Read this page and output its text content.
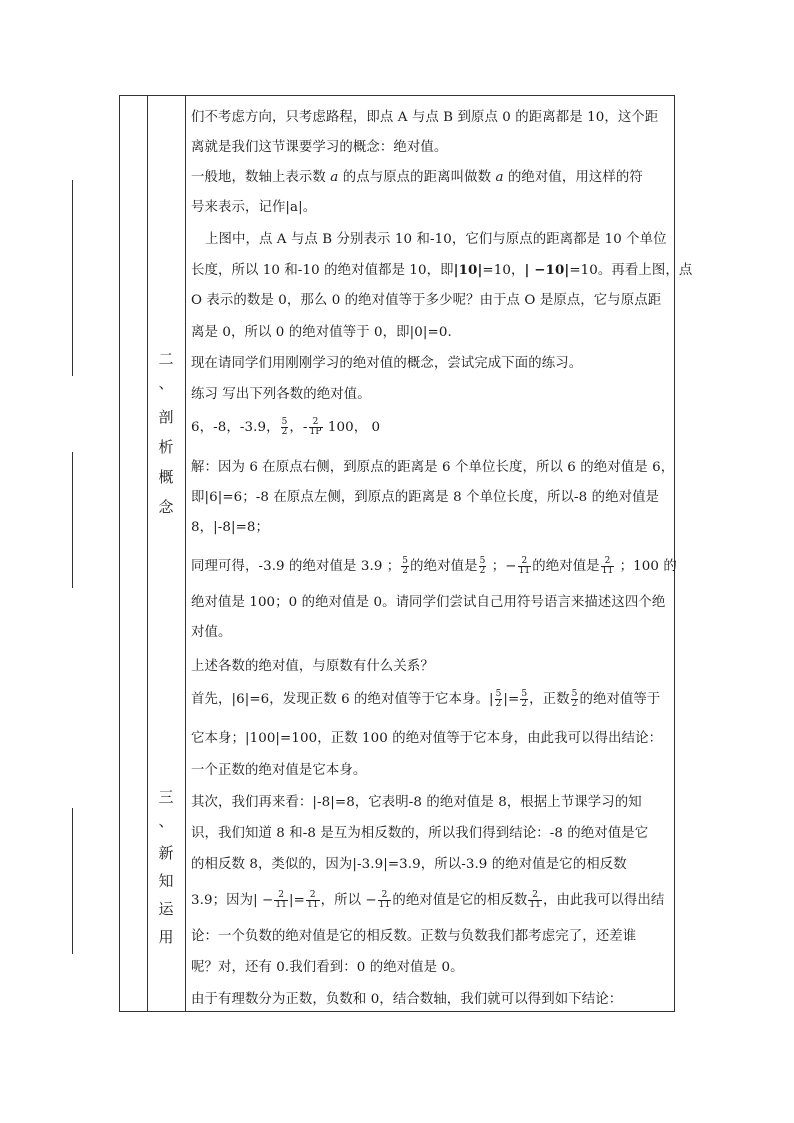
二
、
剖
析
概
念
三
、
新
知
运
用
们不考虑方向，只考虑路程，即点 A 与点 B 到原点 0 的距离都是 10，这个距
离就是我们这节课要学习的概念：绝对值。
一般地，数轴上表示数 a 的点与原点的距离叫做数 a 的绝对值，用这样的符
号来表示，记作|a|。
上图中，点 A 与点 B 分别表示 10 和-10，它们与原点的距离都是 10 个单位
长度，所以 10 和-10 的绝对值都是 10，即|10|=10，| −10|=10。再看上图，点
O 表示的数是 0，那么 0 的绝对值等于多少呢？由于点 O 是原点，它与原点距
离是 0，所以 0 的绝对值等于 0，即|0|=0.
现在请同学们用刚刚学习的绝对值的概念，尝试完成下面的练习。
练习 写出下列各数的绝对值。
6，-8，-3.9， $\frac{5}{2}$ ，- $\frac{2}{1P} 100$， 0
解：因为 6 在原点右侧，到原点的距离是 6 个单位长度，所以 6 的绝对值是 6，
即|6|=6；-8 在原点左侧，到原点的距离是 8 个单位长度，所以-8 的绝对值是
8，|-8|=8；
同理可得，-3.9 的绝对值是 3.9 ； $\frac{5}{2}$ 的绝对值是 $\frac{5}{2}$ ；− $\frac{2}{11}$ 的绝对值是 $\frac{2}{11}$ ；100 的
绝对值是 100；0 的绝对值是 0。请同学们尝试自己用符号语言来描述这四个绝
对值。
上述各数的绝对值，与原数有什么关系？
首先，|6|=6，发现正数 6 的绝对值等于它本身。| $\frac{5}{2}$ |= $\frac{5}{2}$ ，正数 $\frac{5}{2}$ 的绝对值等于
它本身；|100|=100，正数 100 的绝对值等于它本身，由此我可以得出结论：
一个正数的绝对值是它本身。
其次，我们再来看：|-8|=8，它表明-8 的绝对值是 8，根据上节课学习的知
识，我们知道 8 和-8 是互为相反数的，所以我们得到结论：-8 的绝对值是它
的相反数 8，类似的，因为|-3.9|=3.9，所以-3.9 的绝对值是它的相反数
3.9；因为| − $\frac{2}{11}$ |= $\frac{2}{11}$ ，所以 − $\frac{2}{11}$ 的绝对值是它的相反数 $\frac{2}{11}$ ，由此我可以得出结
论：一个负数的绝对值是它的相反数。正数与负数我们都考虑完了，还差谁
呢？对，还有 0.我们看到：0 的绝对值是 0。
由于有理数分为正数，负数和 0，结合数轴，我们就可以得到如下结论：
